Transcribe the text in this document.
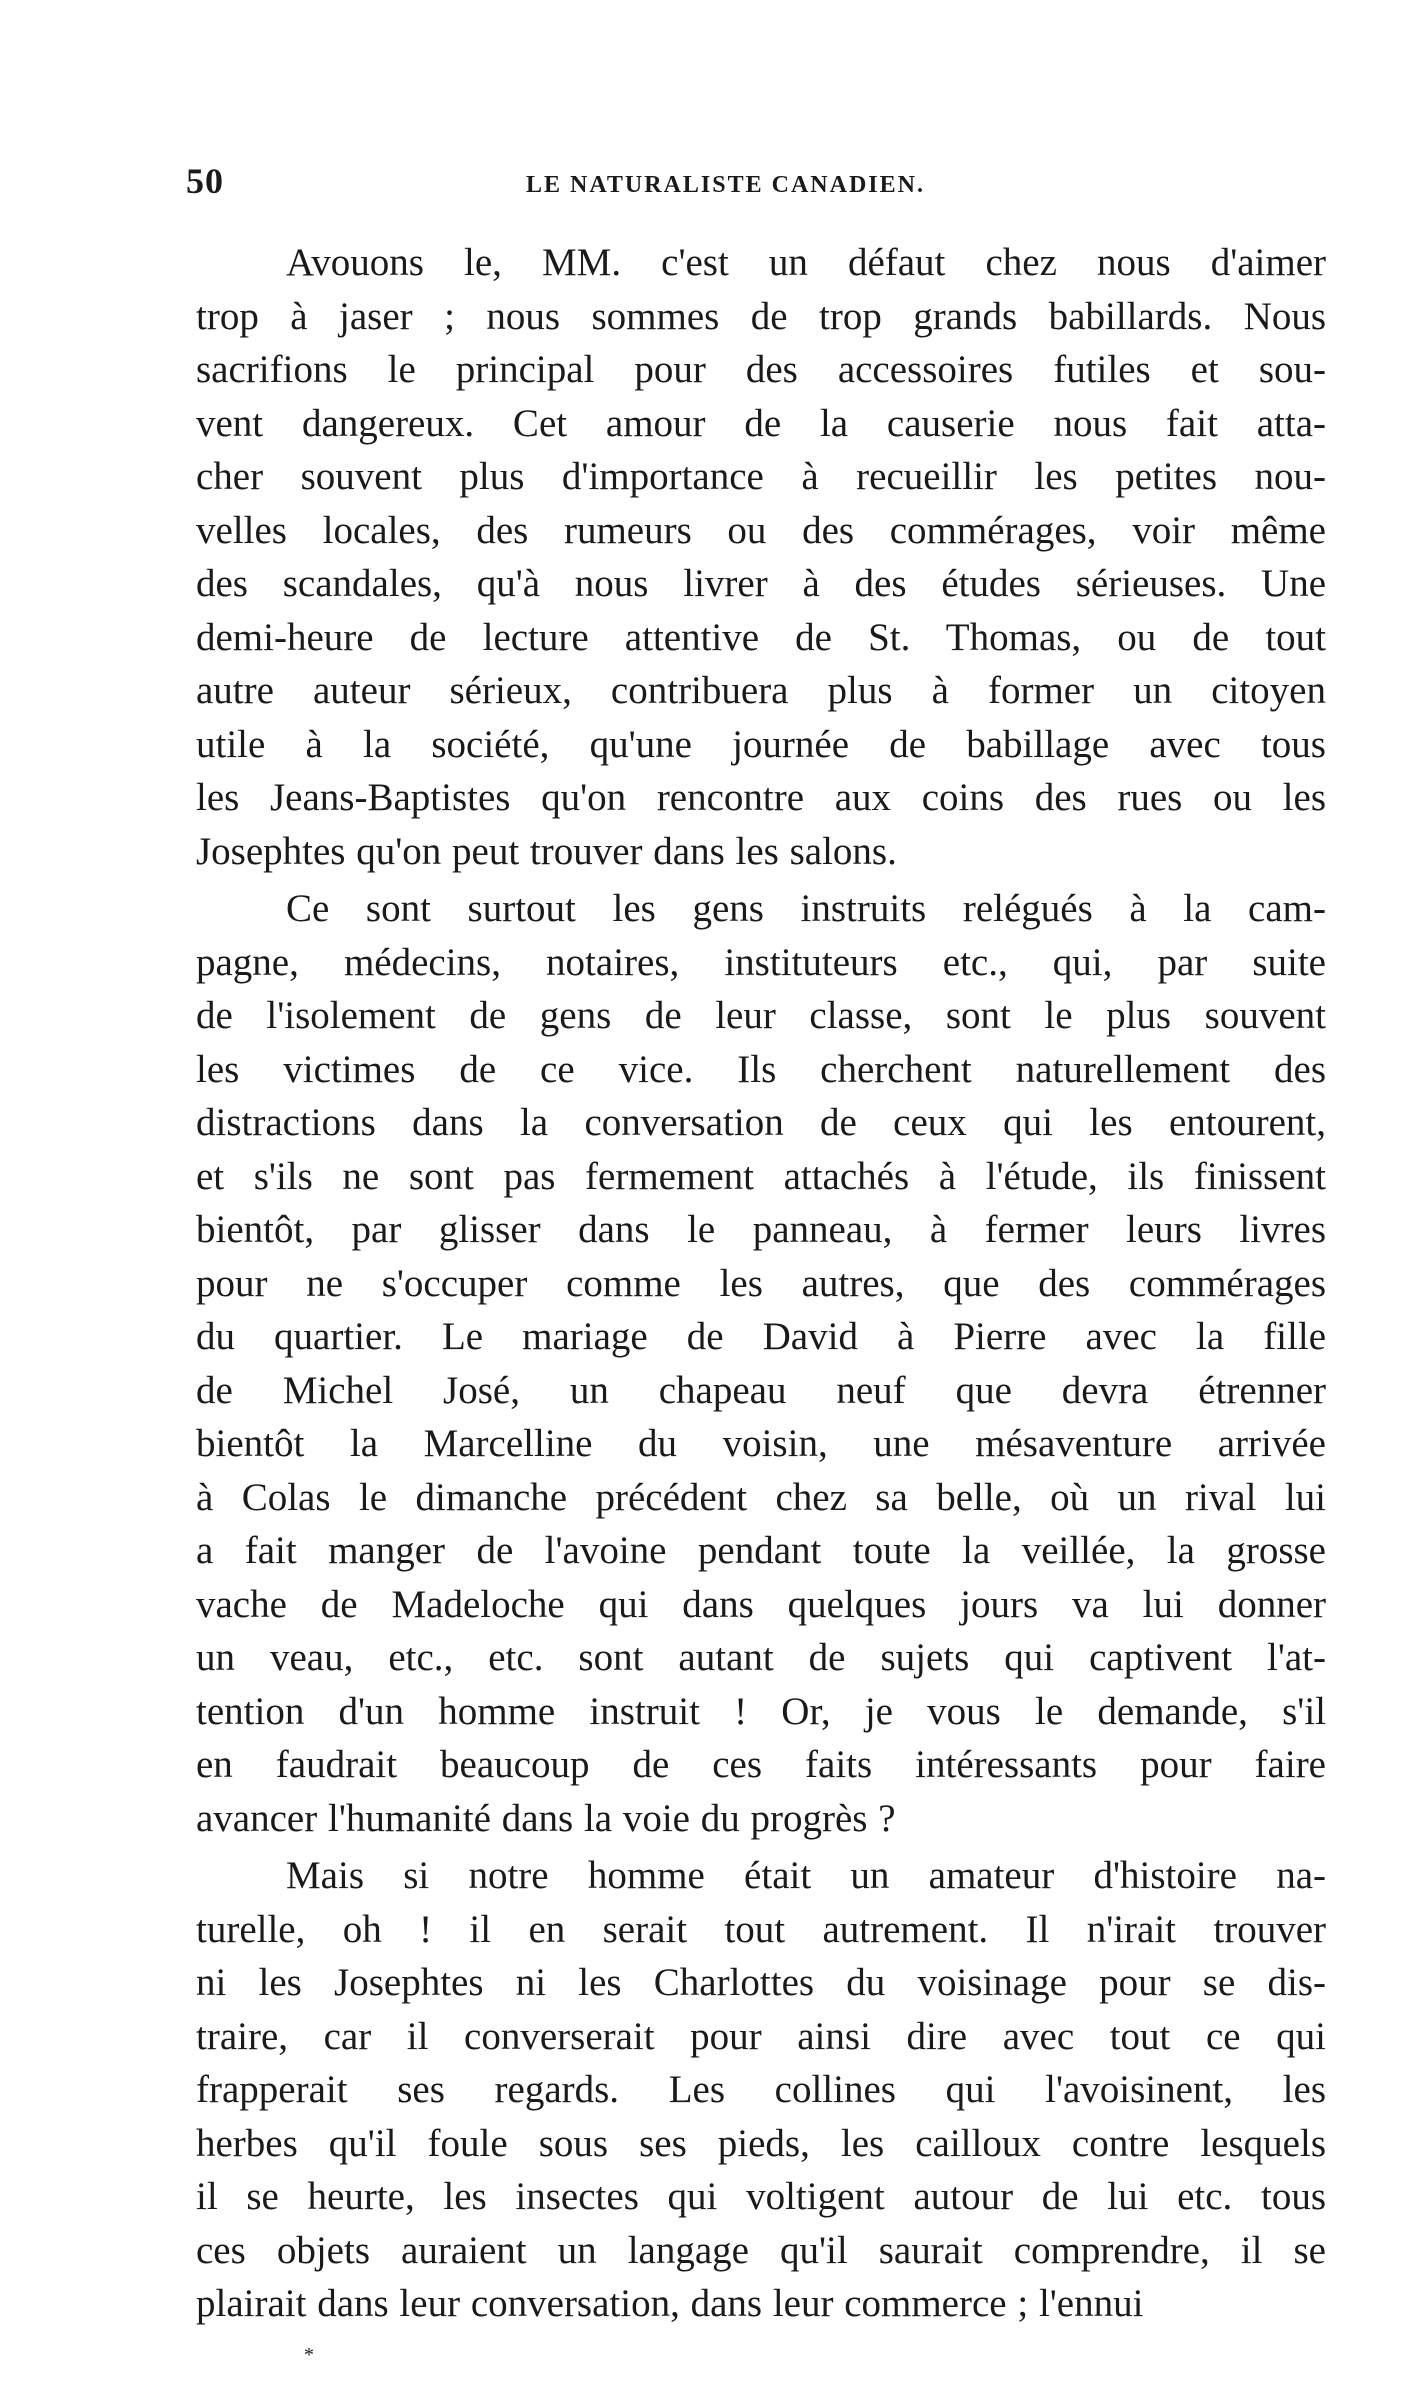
50	LE NATURALISTE CANADIEN.
Avouons le, MM. c'est un défaut chez nous d'aimer
trop à jaser ; nous sommes de trop grands babillards. Nous
sacrifions le principal pour des accessoires futiles et sou-
vent dangereux. Cet amour de la causerie nous fait atta-
cher souvent plus d'importance à recueillir les petites nou-
velles locales, des rumeurs ou des commérages, voir même
des scandales, qu'à nous livrer à des études sérieuses. Une
demi-heure de lecture attentive de St. Thomas, ou de tout
autre auteur sérieux, contribuera plus à former un citoyen
utile à la société, qu'une journée de babillage avec tous
les Jeans-Baptistes qu'on rencontre aux coins des rues ou les
Josephtes qu'on peut trouver dans les salons.
Ce sont surtout les gens instruits relégués à la cam-
pagne, médecins, notaires, instituteurs etc., qui, par suite
de l'isolement de gens de leur classe, sont le plus souvent
les victimes de ce vice. Ils cherchent naturellement des
distractions dans la conversation de ceux qui les entourent,
et s'ils ne sont pas fermement attachés à l'étude, ils finissent
bientôt, par glisser dans le panneau, à fermer leurs livres
pour ne s'occuper comme les autres, que des commérages
du quartier. Le mariage de David à Pierre avec la fille
de Michel José, un chapeau neuf que devra étrenner
bientôt la Marcelline du voisin, une mésaventure arrivée
à Colas le dimanche précédent chez sa belle, où un rival lui
a fait manger de l'avoine pendant toute la veillée, la grosse
vache de Madeloche qui dans quelques jours va lui donner
un veau, etc., etc. sont autant de sujets qui captivent l'at-
tention d'un homme instruit ! Or, je vous le demande, s'il
en faudrait beaucoup de ces faits intéressants pour faire
avancer l'humanité dans la voie du progrès ?
Mais si notre homme était un amateur d'histoire na-
turelle, oh ! il en serait tout autrement. Il n'irait trouver
ni les Josephtes ni les Charlottes du voisinage pour se dis-
traire, car il converserait pour ainsi dire avec tout ce qui
frapperait ses regards. Les collines qui l'avoisinent, les
herbes qu'il foule sous ses pieds, les cailloux contre lesquels
il se heurte, les insectes qui voltigent autour de lui etc. tous
ces objets auraient un langage qu'il saurait comprendre, il se
plairait dans leur conversation, dans leur commerce ; l'ennui
*
